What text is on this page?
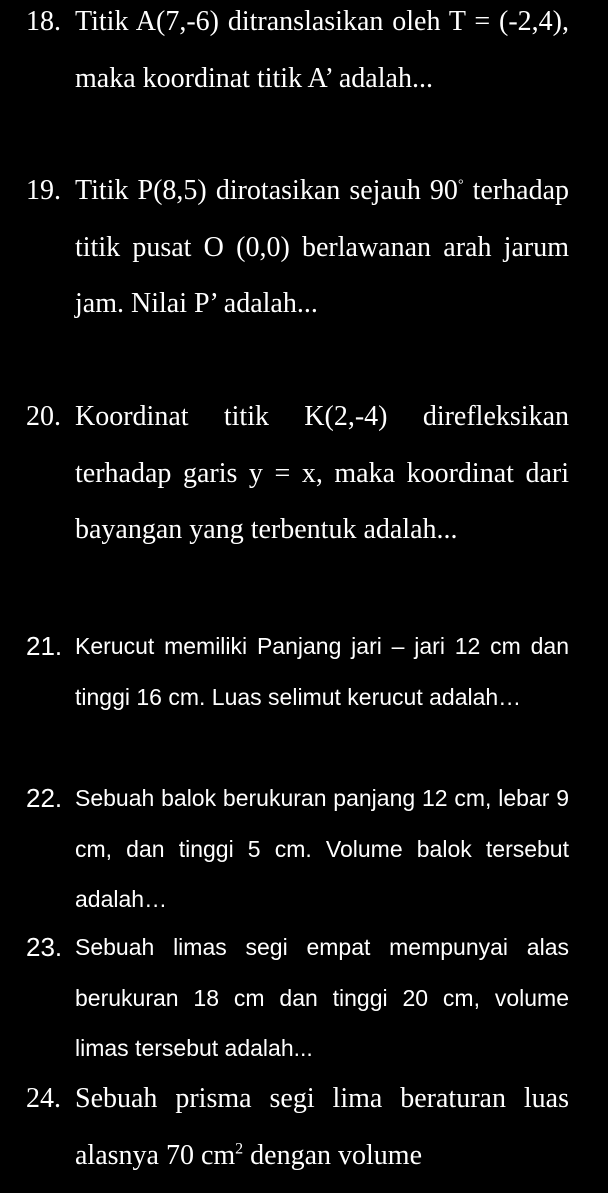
18. Titik A(7,-6) ditranslasikan oleh T = (-2,4), maka koordinat titik A’ adalah...
19. Titik P(8,5) dirotasikan sejauh 90° terhadap titik pusat O (0,0) berlawanan arah jarum jam. Nilai P’ adalah...
20. Koordinat titik K(2,-4) direfleksikan terhadap garis y = x, maka koordinat dari bayangan yang terbentuk adalah...
21. Kerucut memiliki Panjang jari – jari 12 cm dan tinggi 16 cm. Luas selimut kerucut adalah…
22. Sebuah balok berukuran panjang 12 cm, lebar 9 cm, dan tinggi 5 cm. Volume balok tersebut adalah…
23. Sebuah limas segi empat mempunyai alas berukuran 18 cm dan tinggi 20 cm, volume limas tersebut adalah...
24. Sebuah prisma segi lima beraturan luas alasnya 70 $cm^2$ dengan volume
